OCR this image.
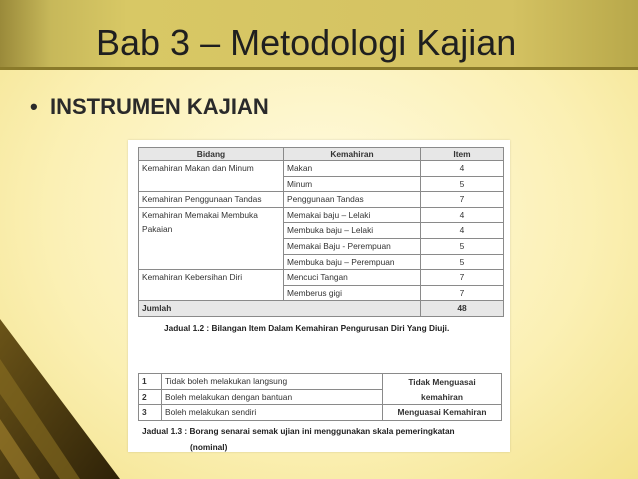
Bab 3 – Metodologi Kajian
• INSTRUMEN KAJIAN
Bidang	Kemahiran	Item
Kemahiran Makan dan Minum	Makan	4
	Minum	5
Kemahiran Penggunaan Tandas	Penggunaan Tandas	7
Kemahiran Memakai Membuka Pakaian	Memakai baju – Lelaki	4
	Membuka baju – Lelaki	4
	Memakai Baju - Perempuan	5
	Membuka baju – Perempuan	5
Kemahiran Kebersihan Diri	Mencuci Tangan	7
	Memberus gigi	7
Jumlah		48
Jadual 1.2 : Bilangan Item Dalam Kemahiran Pengurusan Diri Yang Diuji.
1	Tidak boleh melakukan langsung	Tidak Menguasai
2	Boleh melakukan dengan bantuan	kemahiran
3	Boleh melakukan sendiri	Menguasai Kemahiran
Jadual 1.3 : Borang senarai semak ujian ini menggunakan skala pemeringkatan
(nominal)
